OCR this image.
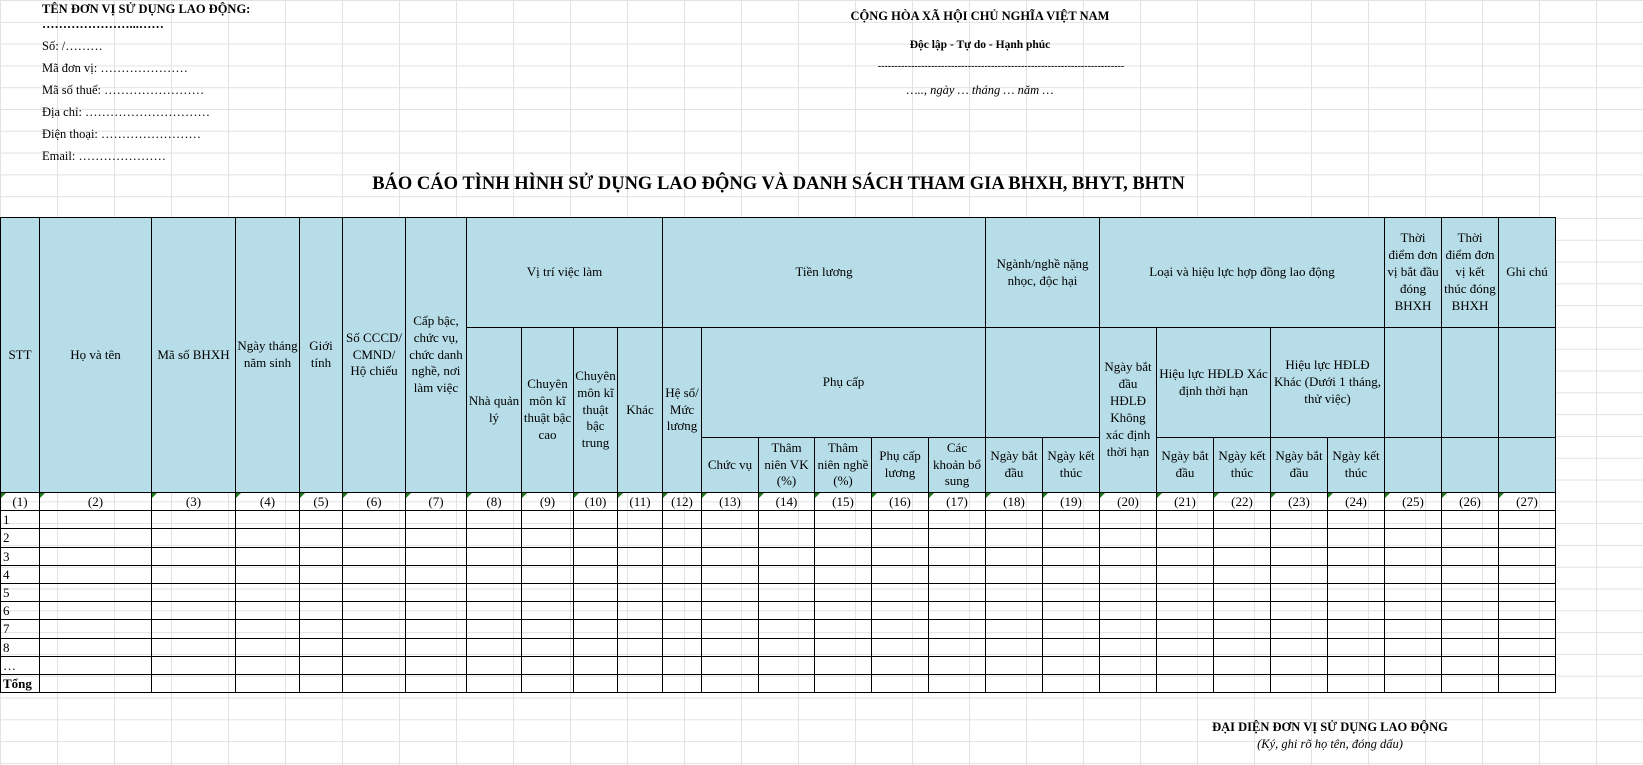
TÊN ĐƠN VỊ SỬ DỤNG LAO ĐỘNG:
…………………...……
Số: /………
Mã đơn vị: …………………
Mã số thuế: ……………………
Địa chỉ: …………………………
Điện thoại: ……………………
Email: …………………
CỘNG HÒA XÃ HỘI CHỦ NGHĨA VIỆT NAM
Độc lập - Tự do - Hạnh phúc
--------------------------------------------------------------------------
….., ngày … tháng … năm …
BÁO CÁO TÌNH HÌNH SỬ DỤNG LAO ĐỘNG VÀ DANH SÁCH THAM GIA BHXH, BHYT, BHTN
STT	Họ và tên	Mã số BHXH	Ngày tháng năm sinh	Giới tính	Số CCCD/ CMND/ Hộ chiếu	Cấp bậc, chức vụ, chức danh nghề, nơi làm việc	Vị trí việc làm				Tiền lương						Ngành/nghề nặng nhọc, độc hại		Loại và hiệu lực hợp đồng lao động					Thời điểm đơn vị bắt đầu đóng BHXH	Thời điểm đơn vị kết thúc đóng BHXH	Ghi chú
							Nhà quản lý	Chuyên môn kĩ thuật bậc cao	Chuyên môn kĩ thuật bậc trung	Khác	Hệ số/ Mức lương	Phụ cấp							Ngày bắt đầu HĐLĐ Không xác định thời hạn	Hiệu lực HĐLĐ Xác định thời hạn		Hiệu lực HĐLĐ Khác (Dưới 1 tháng, thử việc)				
												Chức vụ	Thâm niên VK (%)	Thâm niên nghề (%)	Phụ cấp lương	Các khoản bổ sung	Ngày bắt đầu	Ngày kết thúc		Ngày bắt đầu	Ngày kết thúc	Ngày bắt đầu	Ngày kết thúc			
(1)	(2)	(3)	(4)	(5)	(6)	(7)	(8)	(9)	(10)	(11)	(12)	(13)	(14)	(15)	(16)	(17)	(18)	(19)	(20)	(21)	(22)	(23)	(24)	(25)	(26)	(27)
1																										
2																										
3																										
4																										
5																										
6																										
7																										
8																										
…																										
Tổng																										
ĐẠI DIỆN ĐƠN VỊ SỬ DỤNG LAO ĐỘNG
(Ký, ghi rõ họ tên, đóng dấu)
